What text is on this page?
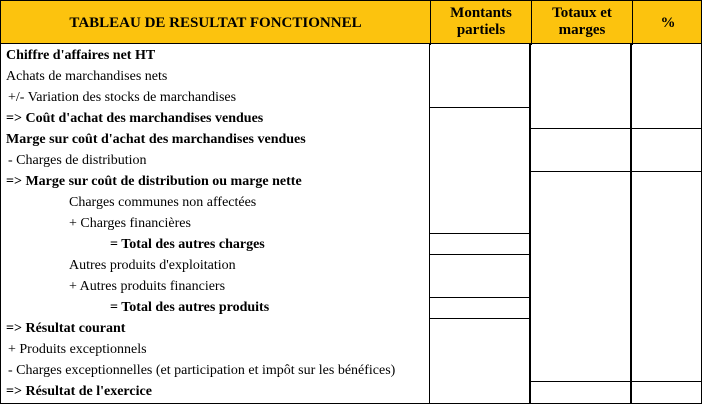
TABLEAU DE RESULTAT FONCTIONNEL
Montants partiels
Totaux et marges	%
Chiffre d'affaires net HT
Achats de marchandises nets
+/- Variation des stocks de marchandises
=> Coût d'achat des marchandises vendues
Marge sur coût d'achat des marchandises vendues
- Charges de distribution
=> Marge sur coût de distribution ou marge nette
Charges communes non affectées
+ Charges financières
= Total des autres charges
Autres produits d'exploitation
+ Autres produits financiers
= Total des autres produits
=> Résultat courant
+ Produits exceptionnels
- Charges exceptionnelles (et participation et impôt sur les bénéfices)
=> Résultat de l'exercice
